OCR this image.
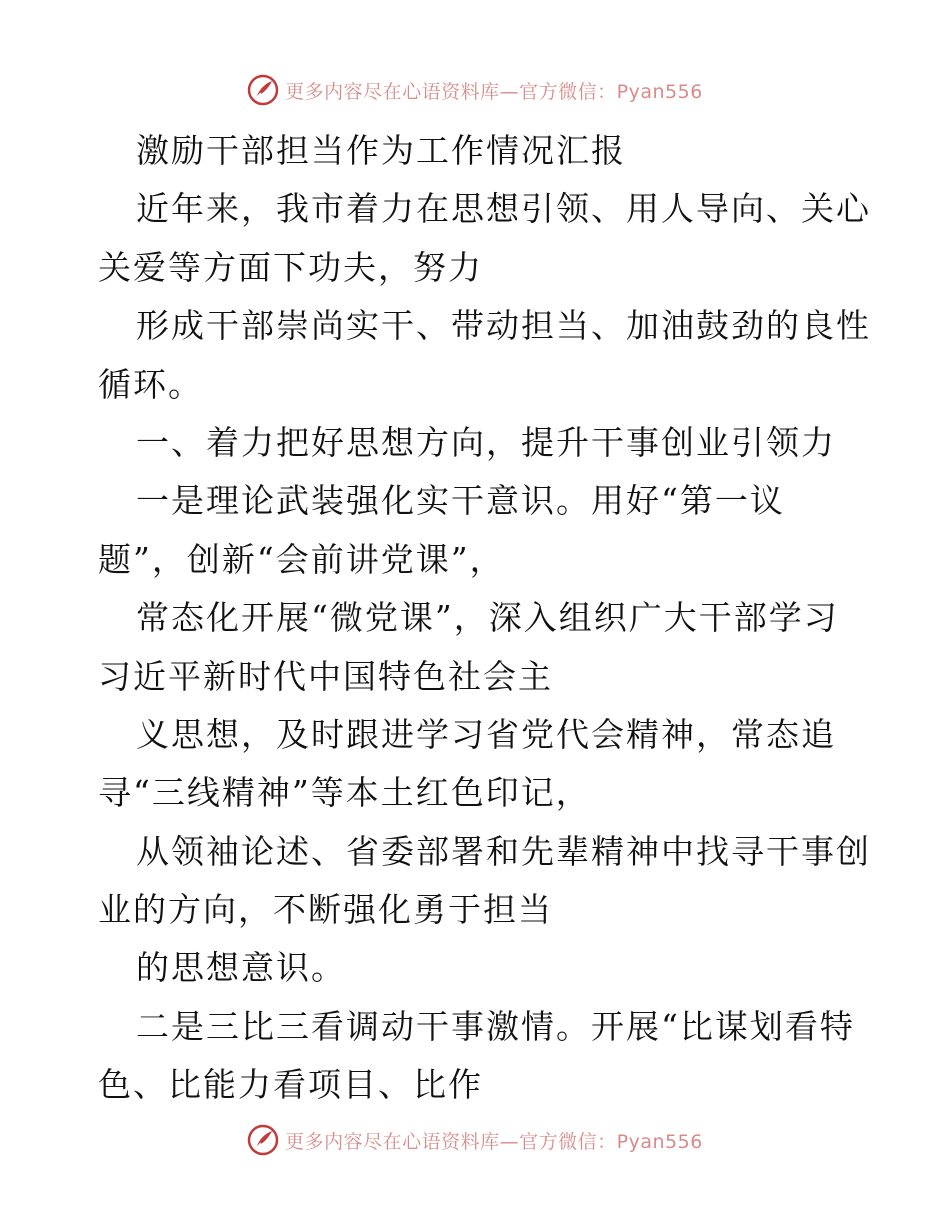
更多内容尽在心语资料库—官方微信：Pyan556
激励干部担当作为工作情况汇报
近年来，我市着力在思想引领、用人导向、关心
关爱等方面下功夫，努力
形成干部崇尚实干、带动担当、加油鼓劲的良性
循环。
一、着力把好思想方向，提升干事创业引领力
一是理论武装强化实干意识。用好“第一议
题”，创新“会前讲党课”，
常态化开展“微党课”，深入组织广大干部学习
习近平新时代中国特色社会主
义思想，及时跟进学习省党代会精神，常态追
寻“三线精神”等本土红色印记，
从领袖论述、省委部署和先辈精神中找寻干事创
业的方向，不断强化勇于担当
的思想意识。
二是三比三看调动干事激情。开展“比谋划看特
色、比能力看项目、比作
更多内容尽在心语资料库—官方微信：Pyan556
